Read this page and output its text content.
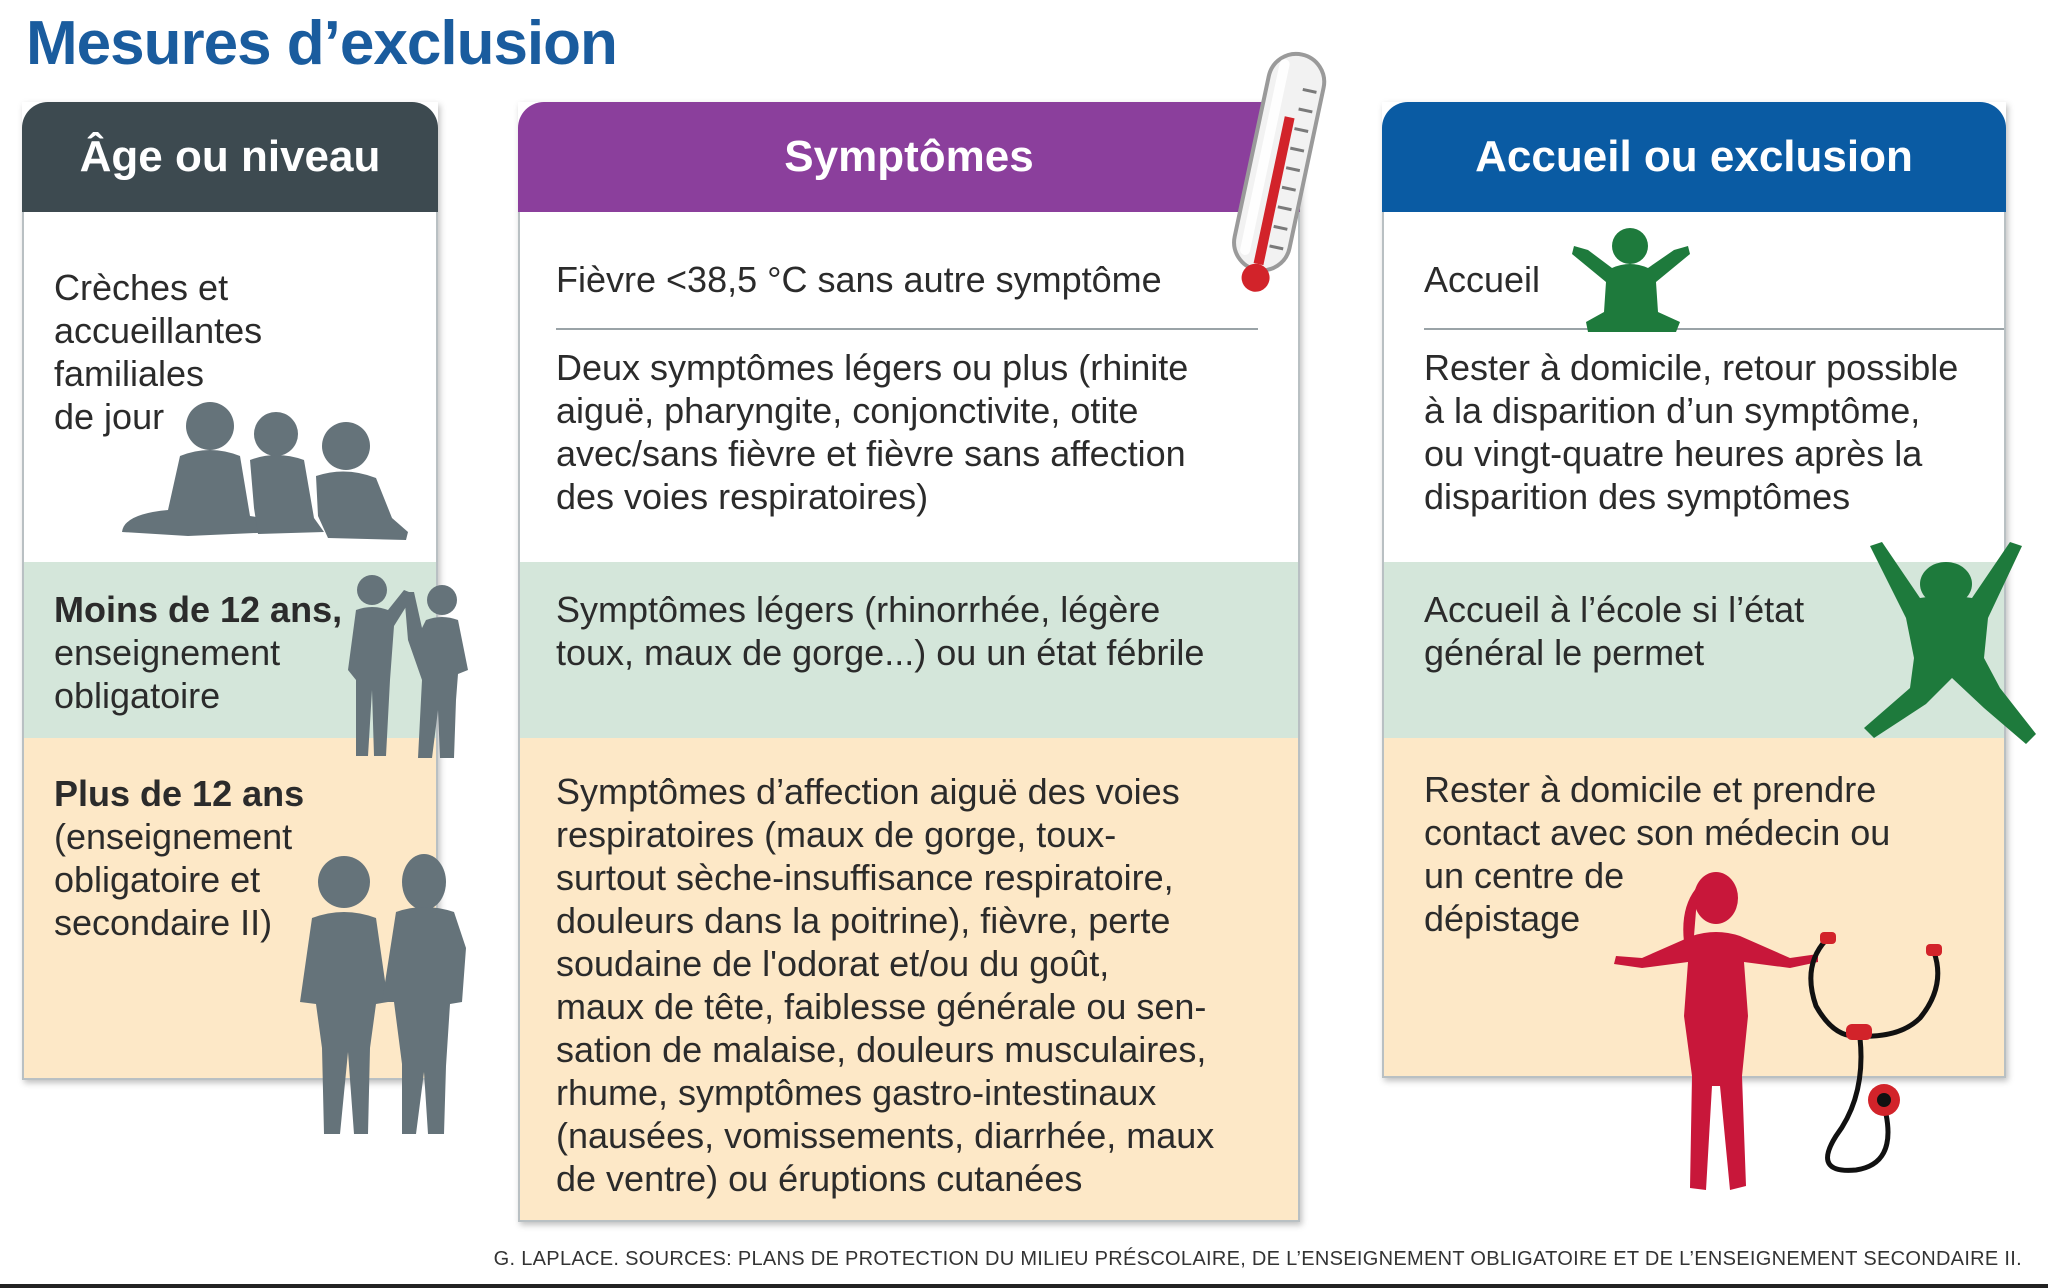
Mesures d’exclusion
Âge ou niveau
Crèches et
accueillantes
familiales
de jour
Moins de 12 ans,
enseignement
obligatoire
Plus de 12 ans
(enseignement
obligatoire et
secondaire II)
Symptômes
Fièvre <38,5 °C sans autre symptôme
Deux symptômes légers ou plus (rhinite
aiguë, pharyngite, conjonctivite, otite
avec/sans fièvre et fièvre sans affection
des voies respiratoires)
Symptômes légers (rhinorrhée, légère
toux, maux de gorge...) ou un état fébrile
Symptômes d’affection aiguë des voies
respiratoires (maux de gorge, toux-
surtout sèche-insuffisance respiratoire,
douleurs dans la poitrine), fièvre, perte
soudaine de l'odorat et/ou du goût,
maux de tête, faiblesse générale ou sen-
sation de malaise, douleurs musculaires,
rhume, symptômes gastro-intestinaux
(nausées, vomissements, diarrhée, maux
de ventre) ou éruptions cutanées
Accueil ou exclusion
Accueil
Rester à domicile, retour possible
à la disparition d’un symptôme,
ou vingt-quatre heures après la
disparition des symptômes
Accueil à l’école si l’état
général le permet
Rester à domicile et prendre
contact avec son médecin ou
un centre de
dépistage
G. LAPLACE. SOURCES: PLANS DE PROTECTION DU MILIEU PRÉSCOLAIRE, DE L’ENSEIGNEMENT OBLIGATOIRE ET DE L’ENSEIGNEMENT SECONDAIRE II.
